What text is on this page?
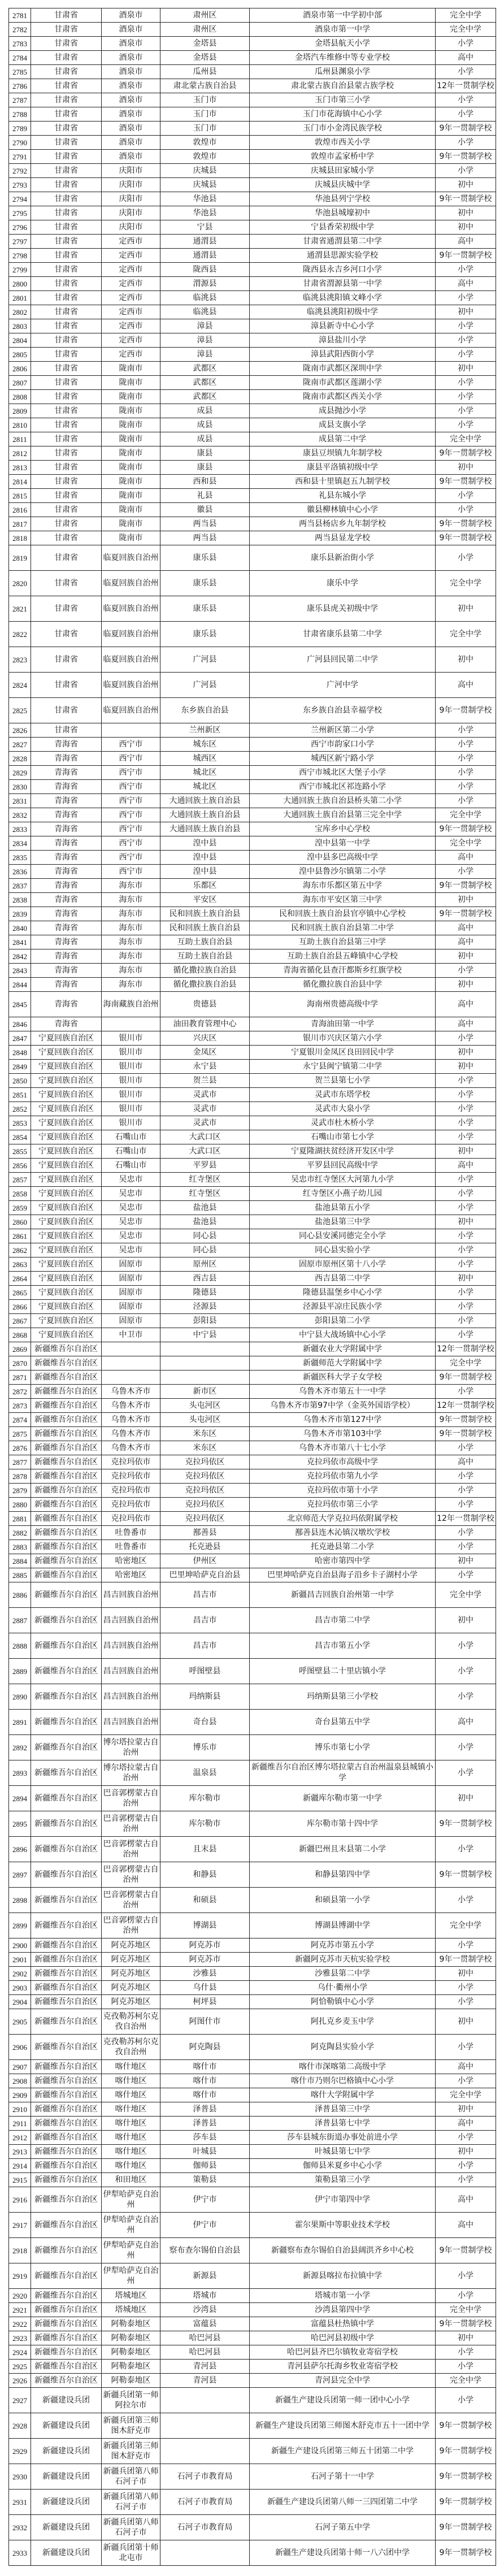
2781	甘肃省	酒泉市	肃州区	酒泉市第一中学初中部	完全中学
2782	甘肃省	酒泉市	肃州区	酒泉市第一中学	完全中学
2783	甘肃省	酒泉市	金塔县	金塔县航天小学	小学
2784	甘肃省	酒泉市	金塔县	金塔汽车维修中等专业学校	高中
2785	甘肃省	酒泉市	瓜州县	瓜州县渊泉小学	小学
2786	甘肃省	酒泉市	肃北蒙古族自治县	肃北蒙古族自治县蒙古族学校	12年一贯制学校
2787	甘肃省	酒泉市	玉门市	玉门市第三小学	小学
2788	甘肃省	酒泉市	玉门市	玉门市花海镇中心小学	小学
2789	甘肃省	酒泉市	玉门市	玉门市小金湾民族学校	9年一贯制学校
2790	甘肃省	酒泉市	敦煌市	敦煌市西关小学	小学
2791	甘肃省	酒泉市	敦煌市	敦煌市孟家桥中学	9年一贯制学校
2792	甘肃省	庆阳市	庆城县	庆城县田家城小学	小学
2793	甘肃省	庆阳市	庆城县	庆城县庆城中学	初中
2794	甘肃省	庆阳市	华池县	华池县列宁学校	9年一贯制学校
2795	甘肃省	庆阳市	华池县	华池县城壕初中	初中
2796	甘肃省	庆阳市	宁县	宁县香荣初级中学	初中
2797	甘肃省	定西市	通渭县	甘肃省通渭县第二中学	高中
2798	甘肃省	定西市	通渭县	通渭县思源实验学校	9年一贯制学校
2799	甘肃省	定西市	陇西县	陇西县永吉乡河口小学	小学
2800	甘肃省	定西市	渭源县	甘肃省渭源县第一中学	高中
2801	甘肃省	定西市	临洮县	临洮县洮阳镇文峰小学	小学
2802	甘肃省	定西市	临洮县	临洮县洮阳初级中学	初中
2803	甘肃省	定西市	漳县	漳县新寺中心小学	小学
2804	甘肃省	定西市	漳县	漳县盐川小学	小学
2805	甘肃省	定西市	漳县	漳县武阳西街小学	小学
2806	甘肃省	陇南市	武都区	陇南市武都区深圳中学	初中
2807	甘肃省	陇南市	武都区	陇南市武都区莲湖小学	小学
2808	甘肃省	陇南市	武都区	陇南市武都区西关小学	小学
2809	甘肃省	陇南市	成县	成县抛沙小学	小学
2810	甘肃省	陇南市	成县	成县支旗小学	小学
2811	甘肃省	陇南市	成县	成县第二中学	完全中学
2812	甘肃省	陇南市	康县	康县豆坝镇九年制学校	9年一贯制学校
2813	甘肃省	陇南市	康县	康县平洛镇初级中学	初中
2814	甘肃省	陇南市	西和县	西和县十里镇赵五九制学校	9年一贯制学校
2815	甘肃省	陇南市	礼县	礼县东城小学	小学
2816	甘肃省	陇南市	徽县	徽县柳林镇中心小学	小学
2817	甘肃省	陇南市	两当县	两当县杨店乡九年制学校	9年一贯制学校
2818	甘肃省	陇南市	两当县	两当县显龙学校	9年一贯制学校
2819	甘肃省	临夏回族自治州	康乐县	康乐县新治街小学	小学
2820	甘肃省	临夏回族自治州	康乐县	康乐中学	完全中学
2821	甘肃省	临夏回族自治州	康乐县	康乐县虎关初级中学	初中
2822	甘肃省	临夏回族自治州	康乐县	甘肃省康乐县第二中学	完全中学
2823	甘肃省	临夏回族自治州	广河县	广河县回民第二中学	初中
2824	甘肃省	临夏回族自治州	广河县	广河中学	高中
2825	甘肃省	临夏回族自治州	东乡族自治县	东乡族自治县幸福学校	9年一贯制学校
2826	甘肃省		兰州新区	兰州新区第二小学	小学
2827	青海省	西宁市	城东区	西宁市韵家口小学	小学
2828	青海省	西宁市	城西区	城西区新宁路小学	小学
2829	青海省	西宁市	城北区	西宁市城北区大堡子小学	小学
2830	青海省	西宁市	城北区	西宁市城北区祁连路小学	小学
2831	青海省	西宁市	大通回族土族自治县	大通回族土族自治县桥头第二小学	小学
2832	青海省	西宁市	大通回族土族自治县	大通回族土族自治县第三完全中学	完全中学
2833	青海省	西宁市	大通回族土族自治县	宝库乡中心学校	9年一贯制学校
2834	青海省	西宁市	湟中县	湟中县第一中学	完全中学
2835	青海省	西宁市	湟中县	湟中县多巴高级中学	高中
2836	青海省	西宁市	湟中县	湟中县鲁沙尔镇第二小学	小学
2837	青海省	海东市	乐都区	海东市乐都区第五中学	9年一贯制学校
2838	青海省	海东市	平安区	海东市平安区第三中学	初中
2839	青海省	海东市	民和回族土族自治县	民和回族土族自治县官亭镇中心学校	9年一贯制学校
2840	青海省	海东市	民和回族土族自治县	民和回族土族自治县第二中学	高中
2841	青海省	海东市	互助土族自治县	互助土族自治县第三中学	高中
2842	青海省	海东市	互助土族自治县	互助土族自治县五峰镇中心学校	初中
2843	青海省	海东市	循化撒拉族自治县	青海省循化县查汗都斯乡红旗学校	小学
2844	青海省	海东市	循化撒拉族自治县	循化撒拉族自治县中学	初中
2845	青海省	海南藏族自治州	贵德县	海南州贵德高级中学	高中
2846	青海省		油田教育管理中心	青海油田第一中学	高中
2847	宁夏回族自治区	银川市	兴庆区	银川市兴庆区第六小学	小学
2848	宁夏回族自治区	银川市	金凤区	宁夏银川金凤区良田回民中学	初中
2849	宁夏回族自治区	银川市	永宁县	永宁县闽宁镇第二中学	初中
2850	宁夏回族自治区	银川市	贺兰县	贺兰县第七小学	小学
2851	宁夏回族自治区	银川市	灵武市	灵武市东塔学校	小学
2852	宁夏回族自治区	银川市	灵武市	灵武市大泉小学	小学
2853	宁夏回族自治区	银川市	灵武市	灵武市杜木桥小学	小学
2854	宁夏回族自治区	石嘴山市	大武口区	石嘴山市第七小学	小学
2855	宁夏回族自治区	石嘴山市	大武口区	宁夏隆湖扶贫经济开发区中学	初中
2856	宁夏回族自治区	石嘴山市	平罗县	平罗县回民高级中学	高中
2857	宁夏回族自治区	吴忠市	红寺堡区	吴忠市红寺堡区大河第九小学	小学
2858	宁夏回族自治区	吴忠市	红寺堡区	红寺堡区小燕子幼儿园	小学
2859	宁夏回族自治区	吴忠市	盐池县	盐池县第五小学	小学
2860	宁夏回族自治区	吴忠市	盐池县	盐池县第三中学	初中
2861	宁夏回族自治区	吴忠市	同心县	同心县安溪同德完全小学	小学
2862	宁夏回族自治区	吴忠市	同心县	同心县实验小学	小学
2863	宁夏回族自治区	固原市	原州区	固原市原州区第十八小学	小学
2864	宁夏回族自治区	固原市	西吉县	西吉县第二中学	初中
2865	宁夏回族自治区	固原市	隆德县	隆德县温堡乡中心小学	小学
2866	宁夏回族自治区	固原市	泾源县	泾源县平凉庄民族小学	小学
2867	宁夏回族自治区	固原市	彭阳县	彭阳县第二小学	小学
2868	宁夏回族自治区	中卫市	中宁县	中宁县大战场镇中心小学	小学
2869	新疆维吾尔自治区			新疆农业大学附属中学	12年一贯制学校
2870	新疆维吾尔自治区			新疆师范大学附属中学	完全中学
2871	新疆维吾尔自治区			新疆医科大学子女学校	9年一贯制学校
2872	新疆维吾尔自治区	乌鲁木齐市	新市区	乌鲁木齐市第五十一中学	小学
2873	新疆维吾尔自治区	乌鲁木齐市	头屯河区	乌鲁木齐市第97中学（金英外国语学校）	12年一贯制学校
2874	新疆维吾尔自治区	乌鲁木齐市	头屯河区	乌鲁木齐市第127中学	9年一贯制学校
2875	新疆维吾尔自治区	乌鲁木齐市	米东区	乌鲁木齐市第103中学	9年一贯制学校
2876	新疆维吾尔自治区	乌鲁木齐市	米东区	乌鲁木齐市第八十七小学	小学
2877	新疆维吾尔自治区	克拉玛依市	克拉玛依区	克拉玛依市高级中学	高中
2878	新疆维吾尔自治区	克拉玛依市	克拉玛依区	克拉玛依市第九小学	小学
2879	新疆维吾尔自治区	克拉玛依市	克拉玛依区	克拉玛依市第十小学	小学
2880	新疆维吾尔自治区	克拉玛依市	克拉玛依区	克拉玛依市第三小学	小学
2881	新疆维吾尔自治区	克拉玛依市	克拉玛依区	北京师范大学克拉玛依附属学校	12年一贯制学校
2882	新疆维吾尔自治区	吐鲁番市	鄯善县	鄯善县连木沁镇汉墩坎学校	小学
2883	新疆维吾尔自治区	吐鲁番市	托克逊县	托克逊县第二小学	小学
2884	新疆维吾尔自治区	哈密地区	伊州区	哈密市第四中学	初中
2885	新疆维吾尔自治区	哈密地区	巴里坤哈萨克自治县	巴里坤哈萨克自治县海子沿乡卡子湖村小学	小学
2886	新疆维吾尔自治区	昌吉回族自治州	昌吉市	新疆昌吉回族自治州第一中学	完全中学
2887	新疆维吾尔自治区	昌吉回族自治州	昌吉市	昌吉市第二中学	初中
2888	新疆维吾尔自治区	昌吉回族自治州	昌吉市	昌吉市第五小学	小学
2889	新疆维吾尔自治区	昌吉回族自治州	呼图壁县	呼图壁县二十里店镇小学	小学
2890	新疆维吾尔自治区	昌吉回族自治州	玛纳斯县	玛纳斯县第三小学校	小学
2891	新疆维吾尔自治区	昌吉回族自治州	奇台县	奇台县第五中学	高中
2892	新疆维吾尔自治区	博尔塔拉蒙古自治州	博乐市	博乐市第七小学	小学
2893	新疆维吾尔自治区	博尔塔拉蒙古自治州	温泉县	新疆维吾尔自治区博尔塔拉蒙古自治州温泉县城镇小学	小学
2894	新疆维吾尔自治区	巴音郭楞蒙古自治州	库尔勒市	新疆库尔勒市第一中学	初中
2895	新疆维吾尔自治区	巴音郭楞蒙古自治州	库尔勒市	库尔勒市第十四中学	9年一贯制学校
2896	新疆维吾尔自治区	巴音郭楞蒙古自治州	且末县	新疆巴州且末县第二小学	小学
2897	新疆维吾尔自治区	巴音郭楞蒙古自治州	和静县	和静县第四中学	9年一贯制学校
2898	新疆维吾尔自治区	巴音郭楞蒙古自治州	和硕县	和硕县第一小学	小学
2899	新疆维吾尔自治区	巴音郭楞蒙古自治州	博湖县	博湖县博湖中学	完全中学
2900	新疆维吾尔自治区	阿克苏地区	阿克苏市	阿克苏市第五小学	小学
2901	新疆维吾尔自治区	阿克苏地区	阿克苏市	新疆阿克苏市天杭实验学校	9年一贯制学校
2902	新疆维吾尔自治区	阿克苏地区	沙雅县	沙雅县第二中学	初中
2903	新疆维吾尔自治区	阿克苏地区	乌什县	乌什·衢州小学	小学
2904	新疆维吾尔自治区	阿克苏地区	柯坪县	阿恰勒镇中心小学	小学
2905	新疆维吾尔自治区	克孜勒苏柯尔克孜自治州	阿图什市	阿扎克乡麦玉中学	初中
2906	新疆维吾尔自治区	克孜勒苏柯尔克孜自治州	阿克陶县	阿克陶县实验小学	小学
2907	新疆维吾尔自治区	喀什地区	喀什市	喀什市深喀第二高级中学	高中
2908	新疆维吾尔自治区	喀什地区	喀什市	喀什市乃则尔巴格镇中心小学	小学
2909	新疆维吾尔自治区	喀什地区	喀什市	喀什大学附属中学	完全中学
2910	新疆维吾尔自治区	喀什地区	泽普县	泽普县第三中学	初中
2911	新疆维吾尔自治区	喀什地区	泽普县	泽普县第七中学	高中
2912	新疆维吾尔自治区	喀什地区	莎车县	莎车县城东街道办事处前进小学	小学
2913	新疆维吾尔自治区	喀什地区	叶城县	叶城县第七中学	初中
2914	新疆维吾尔自治区	喀什地区	伽师县	伽师县米夏乡中心小学	小学
2915	新疆维吾尔自治区	和田地区	策勒县	策勒县第三小学	小学
2916	新疆维吾尔自治区	伊犁哈萨克自治州	伊宁市	伊宁市第四中学	高中
2917	新疆维吾尔自治区	伊犁哈萨克自治州	伊宁市	霍尔果斯中等职业技术学校	高中
2918	新疆维吾尔自治区	伊犁哈萨克自治州	察布查尔锡伯自治县	新疆察布查尔锡伯自治县阔洪齐乡中心校	9年一贯制学校
2919	新疆维吾尔自治区	伊犁哈萨克自治州	新源县	新源县喀拉布拉镇中学	小学
2920	新疆维吾尔自治区	塔城地区	塔城市	塔城市第一小学	小学
2921	新疆维吾尔自治区	塔城地区	沙湾县	沙湾县第四中学	完全中学
2922	新疆维吾尔自治区	阿勒泰地区	富蕴县	富蕴县杜热镇中学	9年一贯制学校
2923	新疆维吾尔自治区	阿勒泰地区	哈巴河县	哈巴河县初级中学	初中
2924	新疆维吾尔自治区	阿勒泰地区	哈巴河县	哈巴河县齐巴尔镇牧业寄宿学校	小学
2925	新疆维吾尔自治区	阿勒泰地区	青河县	青河县萨尔托海乡牧业寄宿学校	小学
2926	新疆维吾尔自治区	阿勒泰地区	青河县	青河县完全中学	完全中学
2927	新疆建设兵团	新疆兵团第一师阿拉尔市		新疆生产建设兵团第一师一团中心小学	小学
2928	新疆建设兵团	新疆兵团第三师图木舒克市		新疆生产建设兵团第三师图木舒克市五十一团中学	9年一贯制学校
2929	新疆建设兵团	新疆兵团第三师图木舒克市		新疆生产建设兵团第三师五十团第二中学	9年一贯制学校
2930	新疆建设兵团	新疆兵团第八师石河子市	石河子市教育局	石河子第十一中学	9年一贯制学校
2931	新疆建设兵团	新疆兵团第八师石河子市	石河子市教育局	新疆生产建设兵团第八师一三四团第二中学	9年一贯制学校
2932	新疆建设兵团	新疆兵团第八师石河子市	石河子市教育局	石河子第五中学	9年一贯制学校
2933	新疆建设兵团	新疆兵团第十师北屯市		新疆生产建设兵团第十师一八六团中学	9年一贯制学校
